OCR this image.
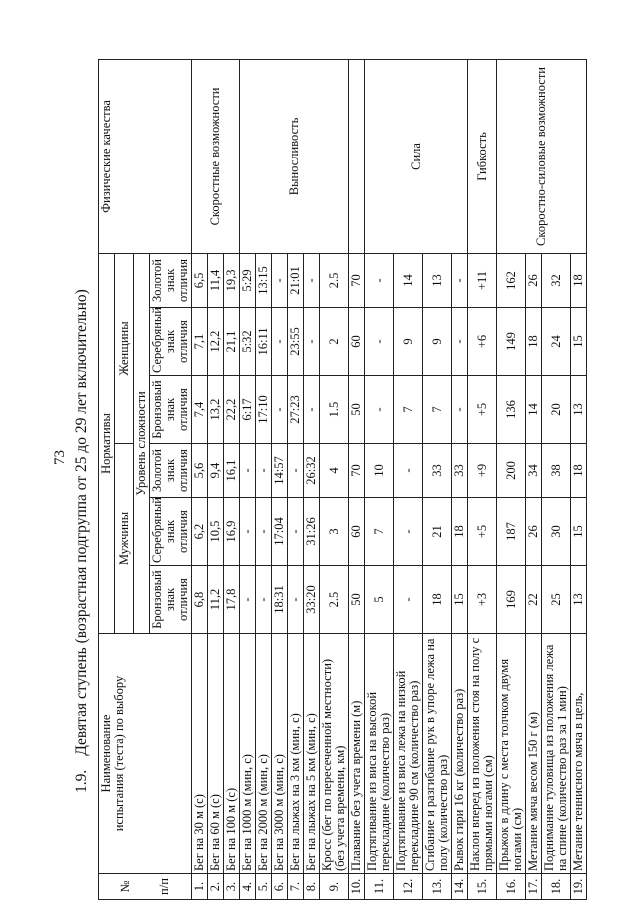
73
1.9.Девятая ступень (возрастная подгруппа от 25 до 29 лет включительно)
№ п/п	Наименование
испытания (теста) по выбору	Нормативы						Физические качества
		Мужчины			Женщины			
		Уровень сложности						
		Бронзовый знак отличия	Серебряный знак отличия	Золотой знак отличия	Бронзовый знак отличия	Серебряный знак отличия	Золотой знак отличия	
1.	Бег на 30 м (с)	6,8	6,2	5,6	7,4	7,1	6,5	Скоростные возможности
2.	Бег на 60 м (с)	11,2	10,5	9,4	13,2	12,2	11,4	
3.	Бег на 100 м (с)	17,8	16,9	16,1	22,2	21,1	19,3	
4.	Бег на 1000 м (мин, с)	-	-	-	6:17	5:32	5:29	Выносливость
5.	Бег на 2000 м (мин, с)	-	-	-	17:10	16:11	13:15	
6.	Бег на 3000 м (мин, с)	18:31	17:04	14:57	-	-	-	
7.	Бег на лыжах на 3 км (мин, с)	-	-	-	27:23	23:55	21:01	
8.	Бег на лыжах на 5 км (мин, с)	33:20	31:26	26:32	-	-	-	
9.	Кросс (бег по пересеченной местности) (без учета времени, км)	2.5	3	4	1.5	2	2.5	
10.	Плавание без учета времени (м)	50	60	70	50	60	70	
11.	Подтягивание из виса на высокой перекладине (количество раз)	5	7	10	-	-	-	Сила
12.	Подтягивание из виса лежа на низкой перекладине 90 см (количество раз)	-	-	-	7	9	14	
13.	Сгибание и разгибание рук в упоре лежа на полу (количество раз)	18	21	33	7	9	13	
14.	Рывок гири 16 кг (количество раз)	15	18	33	-	-	-	
15.	Наклон вперед из положения стоя на полу с прямыми ногами (см)	+3	+5	+9	+5	+6	+11	Гибкость
16.	Прыжок в длину с места толчком двумя ногами (см)	169	187	200	136	149	162	Скоростно-силовые возможности
17.	Метание мяча весом 150 г (м)	22	26	34	14	18	26	
18.	Поднимание туловища из положения лежа на спине (количество раз за 1 мин)	25	30	38	20	24	32	
19.	Метание теннисного мяча в цель,	13	15	18	13	15	18	
